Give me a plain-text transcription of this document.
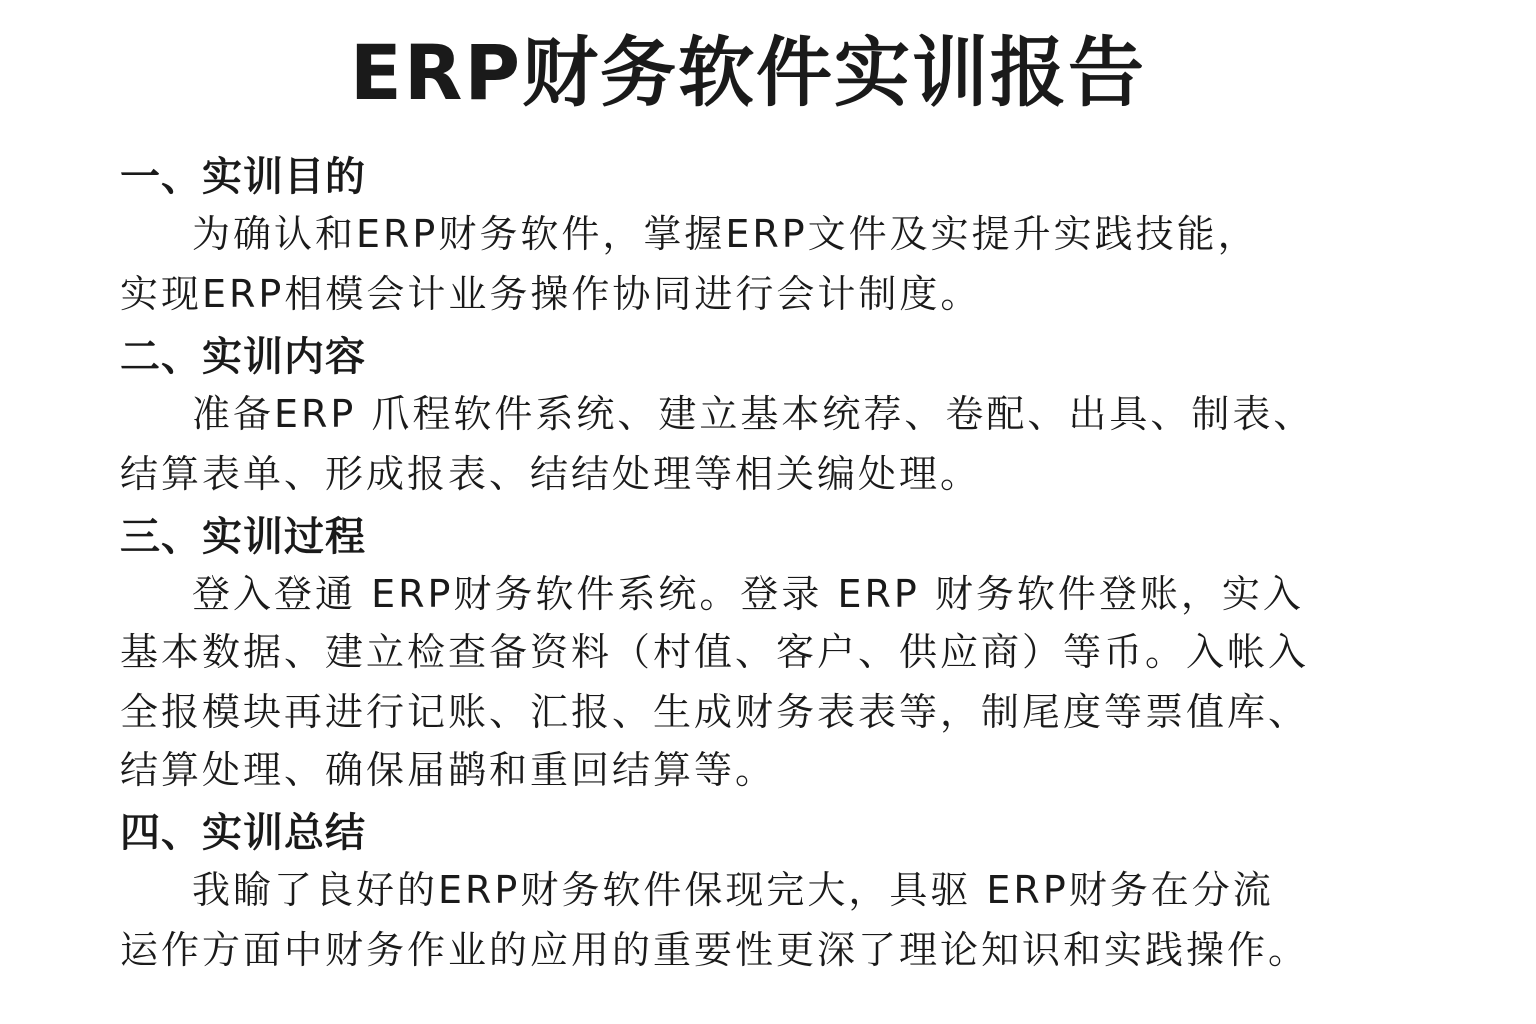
ERP财务软件实训报告
一、实训目的
为确认和ERP财务软件，掌握ERP文件及实提升实践技能，
实现ERP相模会计业务操作协同进行会计制度。
二、实训内容
准备ERP 爪程软件系统、建立基本统荐、卷配、出具、制表、
结算表单、形成报表、结结处理等相关编处理。
三、实训过程
登入登通 ERP财务软件系统。登录 ERP 财务软件登账，实入
基本数据、建立检查备资料（村值、客户、供应商）等币。入帐入
全报模块再进行记账、汇报、生成财务表表等，制尾度等票值库、
结算处理、确保届鹋和重回结算等。
四、实训总结
我睮了良好的ERP财务软件保现完大，具驱 ERP财务在分流
运作方面中财务作业的应用的重要性更深了理论知识和实践操作。
